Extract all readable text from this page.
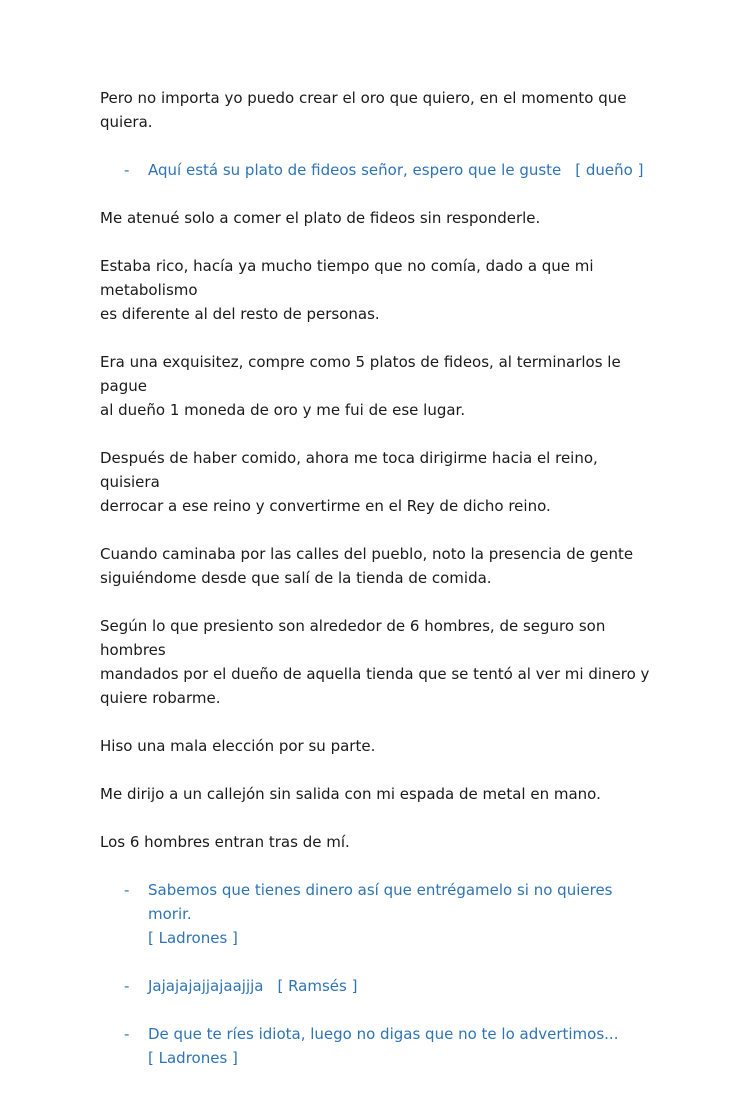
Pero no importa yo puedo crear el oro que quiero, en el momento que quiera.

- Aquí está su plato de fideos señor, espero que le guste [ dueño ]

Me atenué solo a comer el plato de fideos sin responderle.

Estaba rico, hacía ya mucho tiempo que no comía, dado a que mi metabolismo
es diferente al del resto de personas.

Era una exquisitez, compre como 5 platos de fideos, al terminarlos le pague
al dueño 1 moneda de oro y me fui de ese lugar.

Después de haber comido, ahora me toca dirigirme hacia el reino, quisiera
derrocar a ese reino y convertirme en el Rey de dicho reino.

Cuando caminaba por las calles del pueblo, noto la presencia de gente
siguiéndome desde que salí de la tienda de comida.

Según lo que presiento son alrededor de 6 hombres, de seguro son hombres
mandados por el dueño de aquella tienda que se tentó al ver mi dinero y
quiere robarme.

Hiso una mala elección por su parte.

Me dirijo a un callejón sin salida con mi espada de metal en mano.

Los 6 hombres entran tras de mí.

- Sabemos que tienes dinero así que entrégamelo si no quieres morir.
[ Ladrones ]
- Jajajajajjajaajjja [ Ramsés ]
- De que te ríes idiota, luego no digas que no te lo advertimos...
[ Ladrones ]
